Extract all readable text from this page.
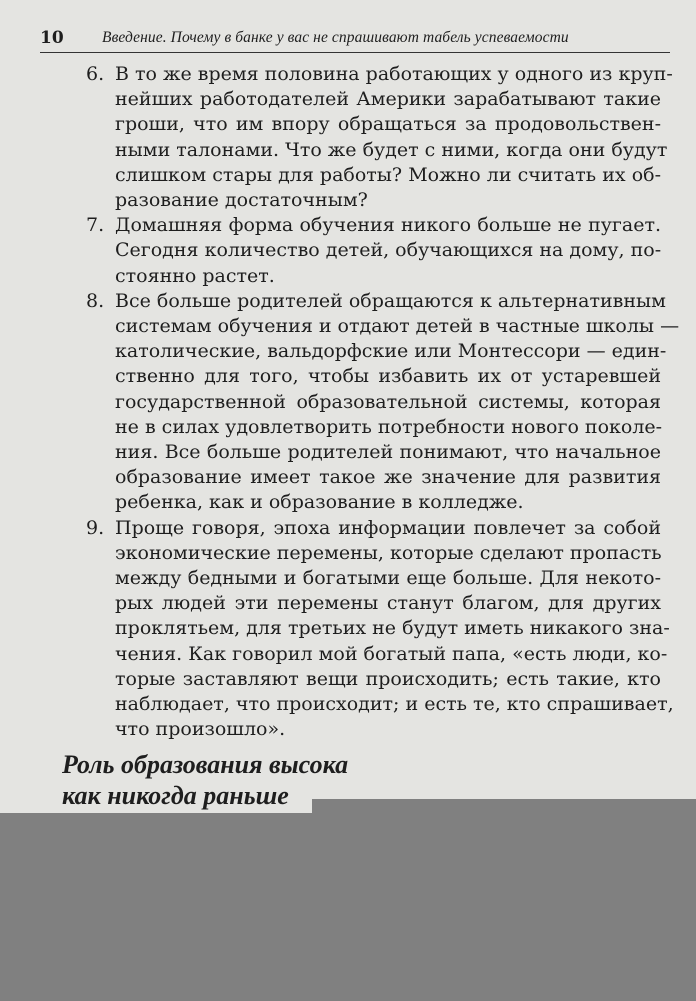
10 Введение. Почему в банке у вас не спрашивают табель успеваемости
6. В то же время половина работающих у одного из круп-
нейших работодателей Америки зарабатывают такие
гроши, что им впору обращаться за продовольствен-
ными талонами. Что же будет с ними, когда они будут
слишком стары для работы? Можно ли считать их об-
разование достаточным?
7. Домашняя форма обучения никого больше не пугает.
Сегодня количество детей, обучающихся на дому, по-
стоянно растет.
8. Все больше родителей обращаются к альтернативным
системам обучения и отдают детей в частные школы —
католические, вальдорфские или Монтессори — един-
ственно для того, чтобы избавить их от устаревшей
государственной образовательной системы, которая
не в силах удовлетворить потребности нового поколе-
ния. Все больше родителей понимают, что начальное
образование имеет такое же значение для развития
ребенка, как и образование в колледже.
9. Проще говоря, эпоха информации повлечет за собой
экономические перемены, которые сделают пропасть
между бедными и богатыми еще больше. Для некото-
рых людей эти перемены станут благом, для других
проклятьем, для третьих не будут иметь никакого зна-
чения. Как говорил мой богатый папа, «есть люди, ко-
торые заставляют вещи происходить; есть такие, кто
наблюдает, что происходит; и есть те, кто спрашивает,
что произошло».
Роль образования высока
как никогда раньше
